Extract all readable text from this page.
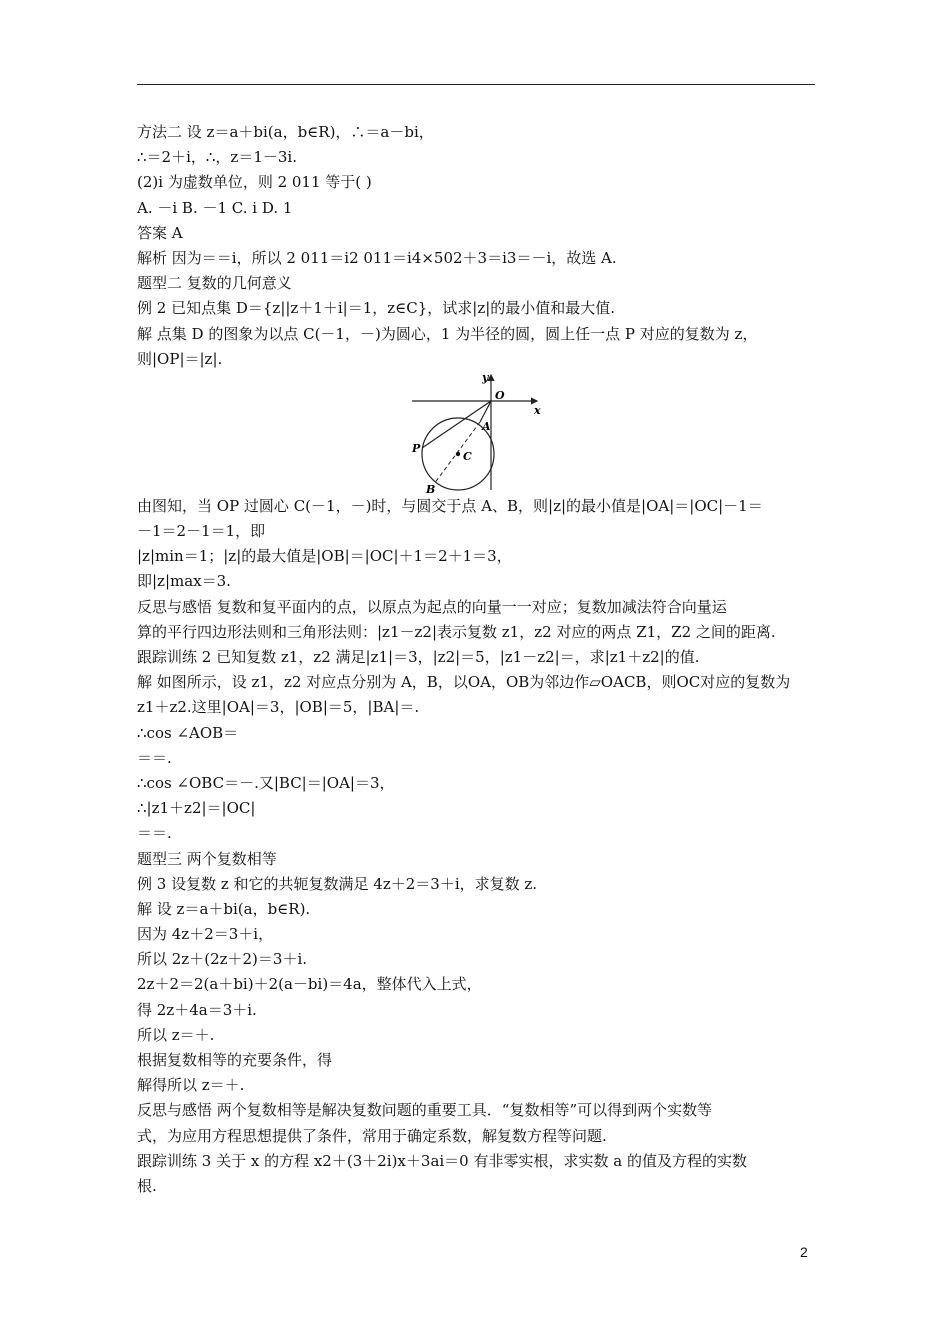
方法二 设 z＝a＋bi(a，b∈R)，∴＝a－bi，
∴＝2＋i，∴，z＝1－3i.
(2)i 为虚数单位，则 2 011 等于( )
A. －i B. －1 C. i D. 1
答案 A
解析 因为＝＝i，所以 2 011＝i2 011＝i4×502＋3＝i3＝－i，故选 A.
题型二 复数的几何意义
例 2 已知点集 D＝{z||z＋1＋i|＝1，z∈C}，试求|z|的最小值和最大值.
解 点集 D 的图象为以点 C(－1，－)为圆心，1 为半径的圆，圆上任一点 P 对应的复数为 z，
则|OP|＝|z|.
y
x
O
A
P
C
B
由图知，当 OP 过圆心 C(－1，－)时，与圆交于点 A、B，则|z|的最小值是|OA|＝|OC|－1＝
－1＝2－1＝1，即
|z|min＝1；|z|的最大值是|OB|＝|OC|＋1＝2＋1＝3，
即|z|max＝3.
反思与感悟 复数和复平面内的点，以原点为起点的向量一一对应；复数加减法符合向量运
算的平行四边形法则和三角形法则：|z1－z2|表示复数 z1，z2 对应的两点 Z1，Z2 之间的距离.
跟踪训练 2 已知复数 z1，z2 满足|z1|＝3，|z2|＝5，|z1－z2|＝，求|z1＋z2|的值.
解 如图所示，设 z1，z2 对应点分别为 A，B，以OA，OB为邻边作▱OACB，则OC对应的复数为
z1＋z2.这里|OA|＝3，|OB|＝5，|BA|＝.
∴cos ∠AOB＝
＝＝.
∴cos ∠OBC＝－.又|BC|＝|OA|＝3，
∴|z1＋z2|＝|OC|
＝＝.
题型三 两个复数相等
例 3 设复数 z 和它的共轭复数满足 4z＋2＝3＋i，求复数 z.
解 设 z＝a＋bi(a，b∈R).
因为 4z＋2＝3＋i，
所以 2z＋(2z＋2)＝3＋i.
2z＋2＝2(a＋bi)＋2(a－bi)＝4a，整体代入上式，
得 2z＋4a＝3＋i.
所以 z＝＋.
根据复数相等的充要条件，得
解得所以 z＝＋.
反思与感悟 两个复数相等是解决复数问题的重要工具．“复数相等”可以得到两个实数等
式，为应用方程思想提供了条件，常用于确定系数，解复数方程等问题.
跟踪训练 3 关于 x 的方程 x2＋(3＋2i)x＋3ai＝0 有非零实根，求实数 a 的值及方程的实数
根.
2
